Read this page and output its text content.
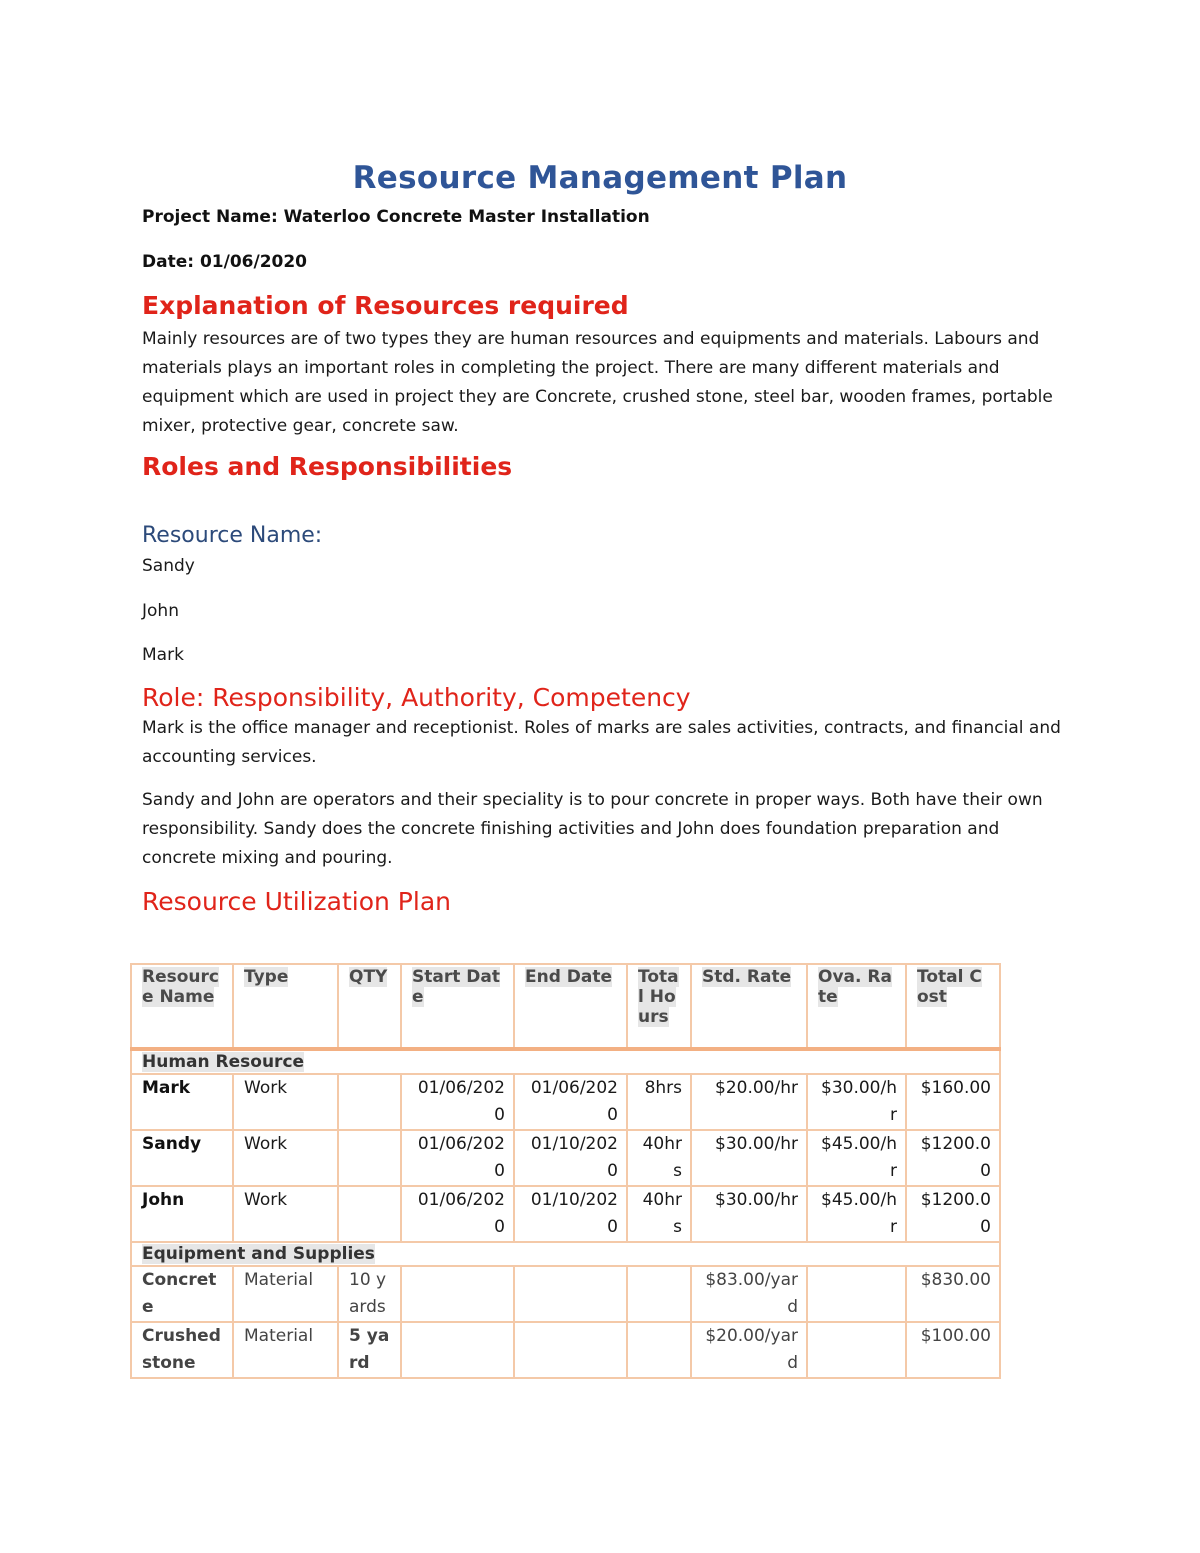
Resource Management Plan

Project Name: Waterloo Concrete Master Installation

Date: 01/06/2020

Explanation of Resources required

Mainly resources are of two types they are human resources and equipments and materials. Labours and materials plays an important roles in completing the project. There are many different materials and equipment which are used in project they are Concrete, crushed stone, steel bar, wooden frames, portable mixer, protective gear, concrete saw.

Roles and Responsibilities
Resource Name:

Sandy

John

Mark

Role: Responsibility, Authority, Competency

Mark is the office manager and receptionist. Roles of marks are sales activities, contracts, and financial and accounting services.

Sandy and John are operators and their speciality is to pour concrete in proper ways. Both have their own responsibility. Sandy does the concrete finishing activities and John does foundation preparation and concrete mixing and pouring.

Resource Utilization Plan
Resource Name	Type	QTY	Start Date	End Date	Total Hours	Std. Rate	Ova. Rate	Total Cost
Human Resource								
Mark	Work		01/06/2020	01/06/2020	8hrs	$20.00/hr	$30.00/hr	$160.00
Sandy	Work		01/06/2020	01/10/2020	40hrs	$30.00/hr	$45.00/hr	$1200.00
John	Work		01/06/2020	01/10/2020	40hrs	$30.00/hr	$45.00/hr	$1200.00
Equipment and Supplies								
Concrete	Material	10 yards				$83.00/yard		$830.00
Crushed stone	Material	5 yard				$20.00/yard		$100.00
